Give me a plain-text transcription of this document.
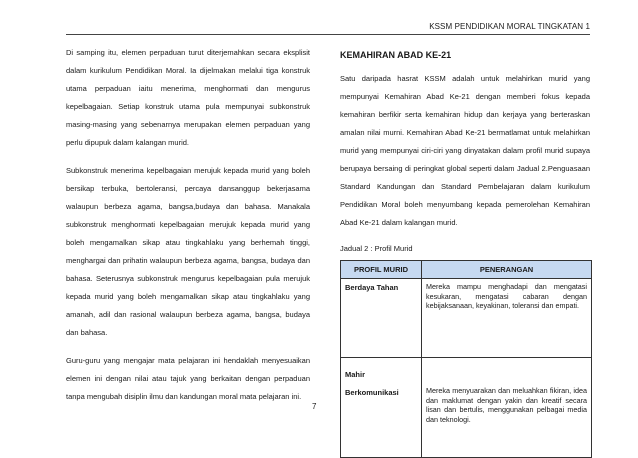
KSSM PENDIDIKAN MORAL TINGKATAN 1

Di samping itu, elemen perpaduan turut diterjemahkan secara eksplisit dalam kurikulum Pendidikan Moral. Ia dijelmakan melalui tiga konstruk utama perpaduan iaitu menerima, menghormati dan mengurus kepelbagaian. Setiap konstruk utama pula mempunyai subkonstruk masing-masing yang sebenarnya merupakan elemen perpaduan yang perlu dipupuk dalam kalangan murid.

Subkonstruk menerima kepelbagaian merujuk kepada murid yang boleh bersikap terbuka, bertoleransi, percaya dansanggup bekerjasama walaupun berbeza agama, bangsa,budaya dan bahasa. Manakala subkonstruk menghormati kepelbagaian merujuk kepada murid yang boleh mengamalkan sikap atau tingkahlaku yang berhemah tinggi, menghargai dan prihatin walaupun berbeza agama, bangsa, budaya dan bahasa. Seterusnya subkonstruk mengurus kepelbagaian pula merujuk kepada murid yang boleh mengamalkan sikap atau tingkahlaku yang amanah, adil dan rasional walaupun berbeza agama, bangsa, budaya dan bahasa.

Guru-guru yang mengajar mata pelajaran ini hendaklah menyesuaikan elemen ini dengan nilai atau tajuk yang berkaitan dengan perpaduan tanpa mengubah disiplin ilmu dan kandungan moral mata pelajaran ini.

KEMAHIRAN ABAD KE-21

Satu daripada hasrat KSSM adalah untuk melahirkan murid yang mempunyai Kemahiran Abad Ke-21 dengan memberi fokus kepada kemahiran berfikir serta kemahiran hidup dan kerjaya yang berteraskan amalan nilai murni. Kemahiran Abad Ke-21 bermatlamat untuk melahirkan murid yang mempunyai ciri-ciri yang dinyatakan dalam profil murid supaya berupaya bersaing di peringkat global seperti dalam Jadual 2.Penguasaan Standard Kandungan dan Standard Pembelajaran dalam kurikulum Pendidikan Moral boleh menyumbang kepada pemerolehan Kemahiran Abad Ke-21 dalam kalangan murid.

Jadual 2 : Profil Murid

PROFIL MURID	PENERANGAN
Berdaya Tahan	Mereka mampu menghadapi dan mengatasi kesukaran, mengatasi cabaran dengan kebijaksanaan, keyakinan, toleransi dan empati.

Mahir
Berkomunikasi	Mereka menyuarakan dan meluahkan fikiran, idea dan maklumat dengan yakin dan kreatif secara lisan dan bertulis, menggunakan pelbagai media dan teknologi.
7
